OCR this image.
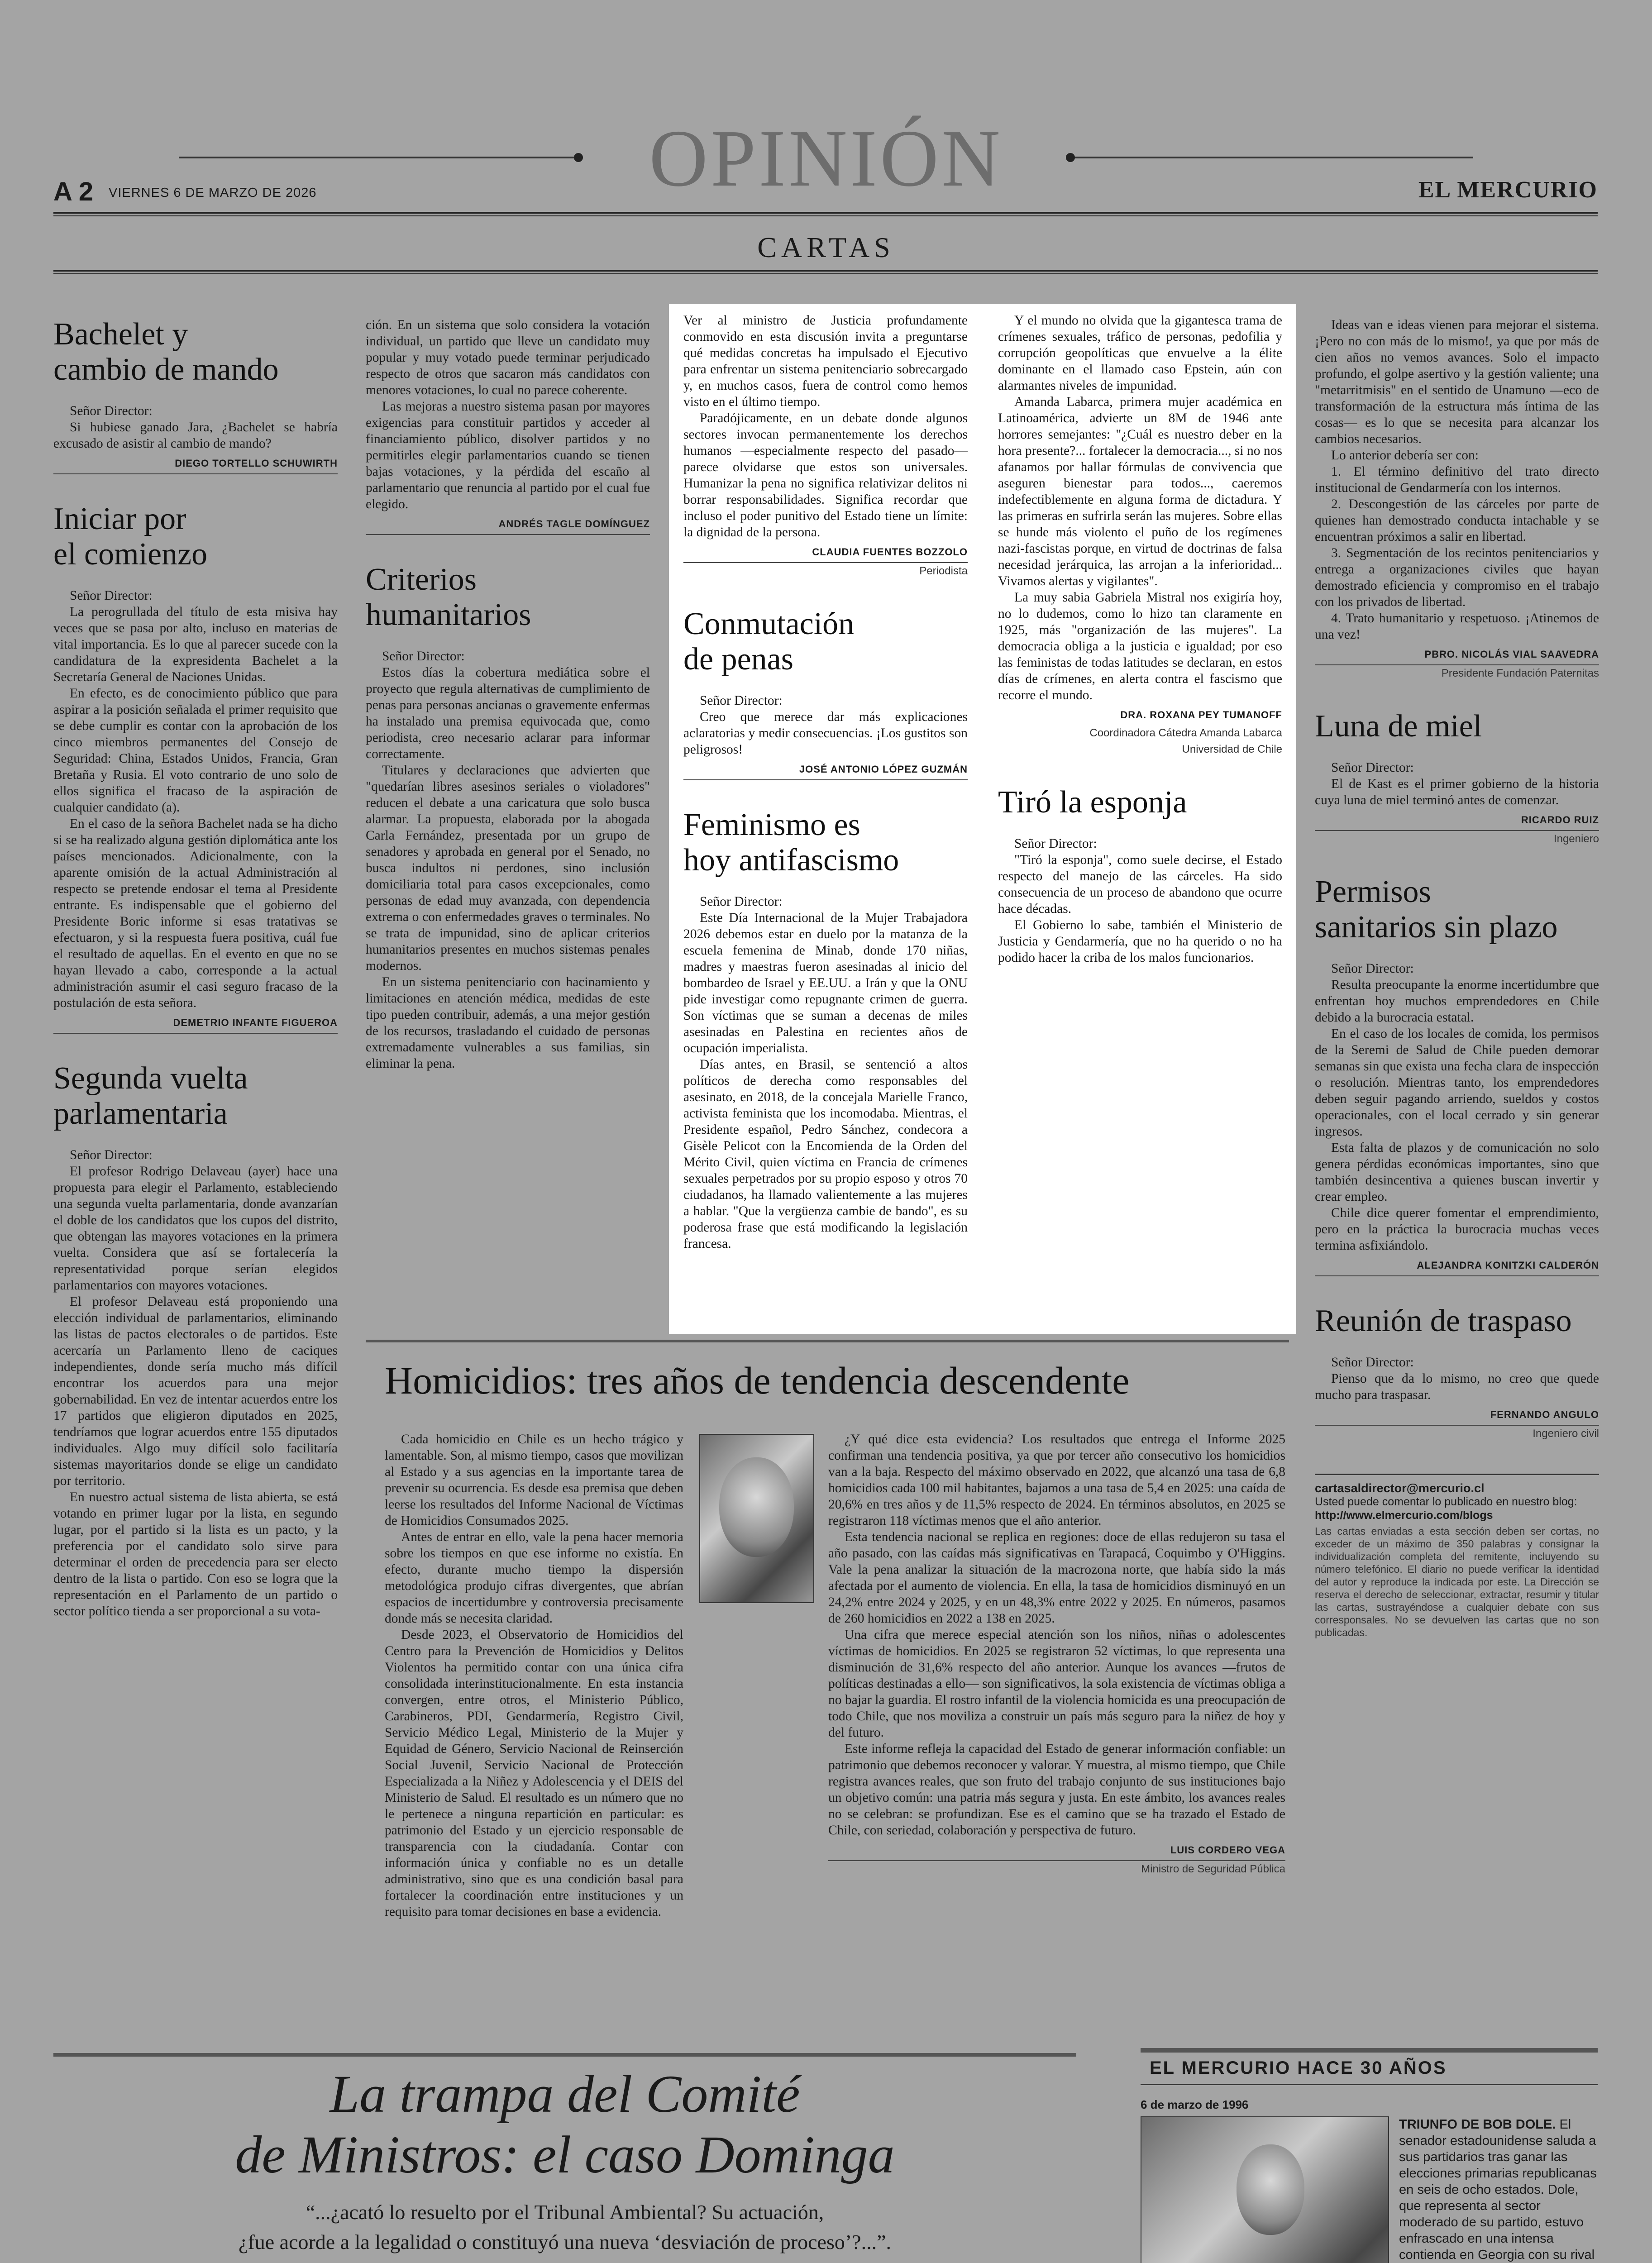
OPINIÓN
A 2 VIERNES 6 DE MARZO DE 2026	EL MERCURIO
CARTAS
Bachelet y
cambio de mando

Señor Director:

Si hubiese ganado Jara, ¿Bachelet se habría excusado de asistir al cambio de mando?

DIEGO TORTELLO SCHUWIRTH
Iniciar por
el comienzo

Señor Director:

La perogrullada del título de esta misiva hay veces que se pasa por alto, incluso en materias de vital importancia. Es lo que al parecer sucede con la candidatura de la expresidenta Bachelet a la Secretaría General de Naciones Unidas.

En efecto, es de conocimiento público que para aspirar a la posición señalada el primer requisito que se debe cumplir es contar con la aprobación de los cinco miembros permanentes del Consejo de Seguridad: China, Estados Unidos, Francia, Gran Bretaña y Rusia. El voto contrario de uno solo de ellos significa el fracaso de la aspiración de cualquier candidato (a).

En el caso de la señora Bachelet nada se ha dicho si se ha realizado alguna gestión diplomática ante los países mencionados. Adicionalmente, con la aparente omisión de la actual Administración al respecto se pretende endosar el tema al Presidente entrante. Es indispensable que el gobierno del Presidente Boric informe si esas tratativas se efectuaron, y si la respuesta fuera positiva, cuál fue el resultado de aquellas. En el evento en que no se hayan llevado a cabo, corresponde a la actual administración asumir el casi seguro fracaso de la postulación de esta señora.

DEMETRIO INFANTE FIGUEROA
Segunda vuelta
parlamentaria

Señor Director:

El profesor Rodrigo Delaveau (ayer) hace una propuesta para elegir el Parlamento, estableciendo una segunda vuelta parlamentaria, donde avanzarían el doble de los candidatos que los cupos del distrito, que obtengan las mayores votaciones en la primera vuelta. Considera que así se fortalecería la representatividad porque serían elegidos parlamentarios con mayores votaciones.

El profesor Delaveau está proponiendo una elección individual de parlamentarios, eliminando las listas de pactos electorales o de partidos. Este acercaría un Parlamento lleno de caciques independientes, donde sería mucho más difícil encontrar los acuerdos para una mejor gobernabilidad. En vez de intentar acuerdos entre los 17 partidos que eligieron diputados en 2025, tendríamos que lograr acuerdos entre 155 diputados individuales. Algo muy difícil solo facilitaría sistemas mayoritarios donde se elige un candidato por territorio.

En nuestro actual sistema de lista abierta, se está votando en primer lugar por la lista, en segundo lugar, por el partido si la lista es un pacto, y la preferencia por el candidato solo sirve para determinar el orden de precedencia para ser electo dentro de la lista o partido. Con eso se logra que la representación en el Parlamento de un partido o sector político tienda a ser proporcional a su vota-

ción. En un sistema que solo considera la votación individual, un partido que lleve un candidato muy popular y muy votado puede terminar perjudicado respecto de otros que sacaron más candidatos con menores votaciones, lo cual no parece coherente.

Las mejoras a nuestro sistema pasan por mayores exigencias para constituir partidos y acceder al financiamiento público, disolver partidos y no permitirles elegir parlamentarios cuando se tienen bajas votaciones, y la pérdida del escaño al parlamentario que renuncia al partido por el cual fue elegido.

ANDRÉS TAGLE DOMÍNGUEZ
Criterios
humanitarios

Señor Director:

Estos días la cobertura mediática sobre el proyecto que regula alternativas de cumplimiento de penas para personas ancianas o gravemente enfermas ha instalado una premisa equivocada que, como periodista, creo necesario aclarar para informar correctamente.

Titulares y declaraciones que advierten que "quedarían libres asesinos seriales o violadores" reducen el debate a una caricatura que solo busca alarmar. La propuesta, elaborada por la abogada Carla Fernández, presentada por un grupo de senadores y aprobada en general por el Senado, no busca indultos ni perdones, sino inclusión domiciliaria total para casos excepcionales, como personas de edad muy avanzada, con dependencia extrema o con enfermedades graves o terminales. No se trata de impunidad, sino de aplicar criterios humanitarios presentes en muchos sistemas penales modernos.

En un sistema penitenciario con hacinamiento y limitaciones en atención médica, medidas de este tipo pueden contribuir, además, a una mejor gestión de los recursos, trasladando el cuidado de personas extremadamente vulnerables a sus familias, sin eliminar la pena.

Ver al ministro de Justicia profundamente conmovido en esta discusión invita a preguntarse qué medidas concretas ha impulsado el Ejecutivo para enfrentar un sistema penitenciario sobrecargado y, en muchos casos, fuera de control como hemos visto en el último tiempo.

Paradójicamente, en un debate donde algunos sectores invocan permanentemente los derechos humanos —especialmente respecto del pasado— parece olvidarse que estos son universales. Humanizar la pena no significa relativizar delitos ni borrar responsabilidades. Significa recordar que incluso el poder punitivo del Estado tiene un límite: la dignidad de la persona.

CLAUDIA FUENTES BOZZOLO
Periodista
Conmutación
de penas

Señor Director:

Creo que merece dar más explicaciones aclaratorias y medir consecuencias. ¡Los gustitos son peligrosos!

JOSÉ ANTONIO LÓPEZ GUZMÁN
Feminismo es
hoy antifascismo

Señor Director:

Este Día Internacional de la Mujer Trabajadora 2026 debemos estar en duelo por la matanza de la escuela femenina de Minab, donde 170 niñas, madres y maestras fueron asesinadas al inicio del bombardeo de Israel y EE.UU. a Irán y que la ONU pide investigar como repugnante crimen de guerra. Son víctimas que se suman a decenas de miles asesinadas en Palestina en recientes años de ocupación imperialista.

Días antes, en Brasil, se sentenció a altos políticos de derecha como responsables del asesinato, en 2018, de la concejala Marielle Franco, activista feminista que los incomodaba. Mientras, el Presidente español, Pedro Sánchez, condecora a Gisèle Pelicot con la Encomienda de la Orden del Mérito Civil, quien víctima en Francia de crímenes sexuales perpetrados por su propio esposo y otros 70 ciudadanos, ha llamado valientemente a las mujeres a hablar. "Que la vergüenza cambie de bando", es su poderosa frase que está modificando la legislación francesa.

Y el mundo no olvida que la gigantesca trama de crímenes sexuales, tráfico de personas, pedofilia y corrupción geopolíticas que envuelve a la élite dominante en el llamado caso Epstein, aún con alarmantes niveles de impunidad.

Amanda Labarca, primera mujer académica en Latinoamérica, advierte un 8M de 1946 ante horrores semejantes: "¿Cuál es nuestro deber en la hora presente?... fortalecer la democracia..., si no nos afanamos por hallar fórmulas de convivencia que aseguren bienestar para todos..., caeremos indefectiblemente en alguna forma de dictadura. Y las primeras en sufrirla serán las mujeres. Sobre ellas se hunde más violento el puño de los regímenes nazi-fascistas porque, en virtud de doctrinas de falsa necesidad jerárquica, las arrojan a la inferioridad... Vivamos alertas y vigilantes".

La muy sabia Gabriela Mistral nos exigiría hoy, no lo dudemos, como lo hizo tan claramente en 1925, más "organización de las mujeres". La democracia obliga a la justicia e igualdad; por eso las feministas de todas latitudes se declaran, en estos días de crímenes, en alerta contra el fascismo que recorre el mundo.

DRA. ROXANA PEY TUMANOFF
Coordinadora Cátedra Amanda Labarca
Universidad de Chile
Tiró la esponja

Señor Director:

"Tiró la esponja", como suele decirse, el Estado respecto del manejo de las cárceles. Ha sido consecuencia de un proceso de abandono que ocurre hace décadas.

El Gobierno lo sabe, también el Ministerio de Justicia y Gendarmería, que no ha querido o no ha podido hacer la criba de los malos funcionarios.

Ideas van e ideas vienen para mejorar el sistema. ¡Pero no con más de lo mismo!, ya que por más de cien años no vemos avances. Solo el impacto profundo, el golpe asertivo y la gestión valiente; una "metarritmisis" en el sentido de Unamuno —eco de transformación de la estructura más íntima de las cosas— es lo que se necesita para alcanzar los cambios necesarios.

Lo anterior debería ser con:

1. El término definitivo del trato directo institucional de Gendarmería con los internos.

2. Descongestión de las cárceles por parte de quienes han demostrado conducta intachable y se encuentran próximos a salir en libertad.

3. Segmentación de los recintos penitenciarios y entrega a organizaciones civiles que hayan demostrado eficiencia y compromiso en el trabajo con los privados de libertad.

4. Trato humanitario y respetuoso. ¡Atinemos de una vez!

PBRO. NICOLÁS VIAL SAAVEDRA
Presidente Fundación Paternitas
Luna de miel

Señor Director:

El de Kast es el primer gobierno de la historia cuya luna de miel terminó antes de comenzar.

RICARDO RUIZ
Ingeniero
Permisos
sanitarios sin plazo

Señor Director:

Resulta preocupante la enorme incertidumbre que enfrentan hoy muchos emprendedores en Chile debido a la burocracia estatal.

En el caso de los locales de comida, los permisos de la Seremi de Salud de Chile pueden demorar semanas sin que exista una fecha clara de inspección o resolución. Mientras tanto, los emprendedores deben seguir pagando arriendo, sueldos y costos operacionales, con el local cerrado y sin generar ingresos.

Esta falta de plazos y de comunicación no solo genera pérdidas económicas importantes, sino que también desincentiva a quienes buscan invertir y crear empleo.

Chile dice querer fomentar el emprendimiento, pero en la práctica la burocracia muchas veces termina asfixiándolo.

ALEJANDRA KONITZKI CALDERÓN
Reunión de traspaso

Señor Director:

Pienso que da lo mismo, no creo que quede mucho para traspasar.

FERNANDO ANGULO
Ingeniero civil
cartasaldirector@mercurio.cl
Usted puede comentar lo publicado en nuestro blog:
http://www.elmercurio.com/blogs
Las cartas enviadas a esta sección deben ser cortas, no exceder de un máximo de 350 palabras y consignar la individualización completa del remitente, incluyendo su número telefónico. El diario no puede verificar la identidad del autor y reproduce la indicada por este. La Dirección se reserva el derecho de seleccionar, extractar, resumir y titular las cartas, sustrayéndose a cualquier debate con sus corresponsales. No se devuelven las cartas que no son publicadas.
Homicidios: tres años de tendencia descendente

Cada homicidio en Chile es un hecho trágico y lamentable. Son, al mismo tiempo, casos que movilizan al Estado y a sus agencias en la importante tarea de prevenir su ocurrencia. Es desde esa premisa que deben leerse los resultados del Informe Nacional de Víctimas de Homicidios Consumados 2025.

Antes de entrar en ello, vale la pena hacer memoria sobre los tiempos en que ese informe no existía. En efecto, durante mucho tiempo la dispersión metodológica produjo cifras divergentes, que abrían espacios de incertidumbre y controversia precisamente donde más se necesita claridad.

Desde 2023, el Observatorio de Homicidios del Centro para la Prevención de Homicidios y Delitos Violentos ha permitido contar con una única cifra consolidada interinstitucionalmente. En esta instancia convergen, entre otros, el Ministerio Público, Carabineros, PDI, Gendarmería, Registro Civil, Servicio Médico Legal, Ministerio de la Mujer y Equidad de Género, Servicio Nacional de Reinserción Social Juvenil, Servicio Nacional de Protección Especializada a la Niñez y Adolescencia y el DEIS del Ministerio de Salud. El resultado es un número que no le pertenece a ninguna repartición en particular: es patrimonio del Estado y un ejercicio responsable de transparencia con la ciudadanía. Contar con información única y confiable no es un detalle administrativo, sino que es una condición basal para fortalecer la coordinación entre instituciones y un requisito para tomar decisiones en base a evidencia.

¿Y qué dice esta evidencia? Los resultados que entrega el Informe 2025 confirman una tendencia positiva, ya que por tercer año consecutivo los homicidios van a la baja. Respecto del máximo observado en 2022, que alcanzó una tasa de 6,8 homicidios cada 100 mil habitantes, bajamos a una tasa de 5,4 en 2025: una caída de 20,6% en tres años y de 11,5% respecto de 2024. En términos absolutos, en 2025 se registraron 118 víctimas menos que el año anterior.

Esta tendencia nacional se replica en regiones: doce de ellas redujeron su tasa el año pasado, con las caídas más significativas en Tarapacá, Coquimbo y O'Higgins. Vale la pena analizar la situación de la macrozona norte, que había sido la más afectada por el aumento de violencia. En ella, la tasa de homicidios disminuyó en un 24,2% entre 2024 y 2025, y en un 48,3% entre 2022 y 2025. En números, pasamos de 260 homicidios en 2022 a 138 en 2025.

Una cifra que merece especial atención son los niños, niñas o adolescentes víctimas de homicidios. En 2025 se registraron 52 víctimas, lo que representa una disminución de 31,6% respecto del año anterior. Aunque los avances —frutos de políticas destinadas a ello— son significativos, la sola existencia de víctimas obliga a no bajar la guardia. El rostro infantil de la violencia homicida es una preocupación de todo Chile, que nos moviliza a construir un país más seguro para la niñez de hoy y del futuro.

Este informe refleja la capacidad del Estado de generar información confiable: un patrimonio que debemos reconocer y valorar. Y muestra, al mismo tiempo, que Chile registra avances reales, que son fruto del trabajo conjunto de sus instituciones bajo un objetivo común: una patria más segura y justa. En este ámbito, los avances reales no se celebran: se profundizan. Ese es el camino que se ha trazado el Estado de Chile, con seriedad, colaboración y perspectiva de futuro.

LUIS CORDERO VEGA
Ministro de Seguridad Pública
La trampa del Comité
de Ministros: el caso Dominga
“...¿acató lo resuelto por el Tribunal Ambiental? Su actuación,
¿fue acorde a la legalidad o constituyó una nueva ‘desviación de proceso’?...”.

EL MERCURIO HACE 30 AÑOS
6 de marzo de 1996
TRIUNFO DE BOB DOLE. El senador estadounidense saluda a sus partidarios tras ganar las elecciones primarias republicanas en seis de ocho estados. Dole, que representa al sector moderado de su partido, estuvo enfrascado en una intensa contienda en Georgia con su rival
